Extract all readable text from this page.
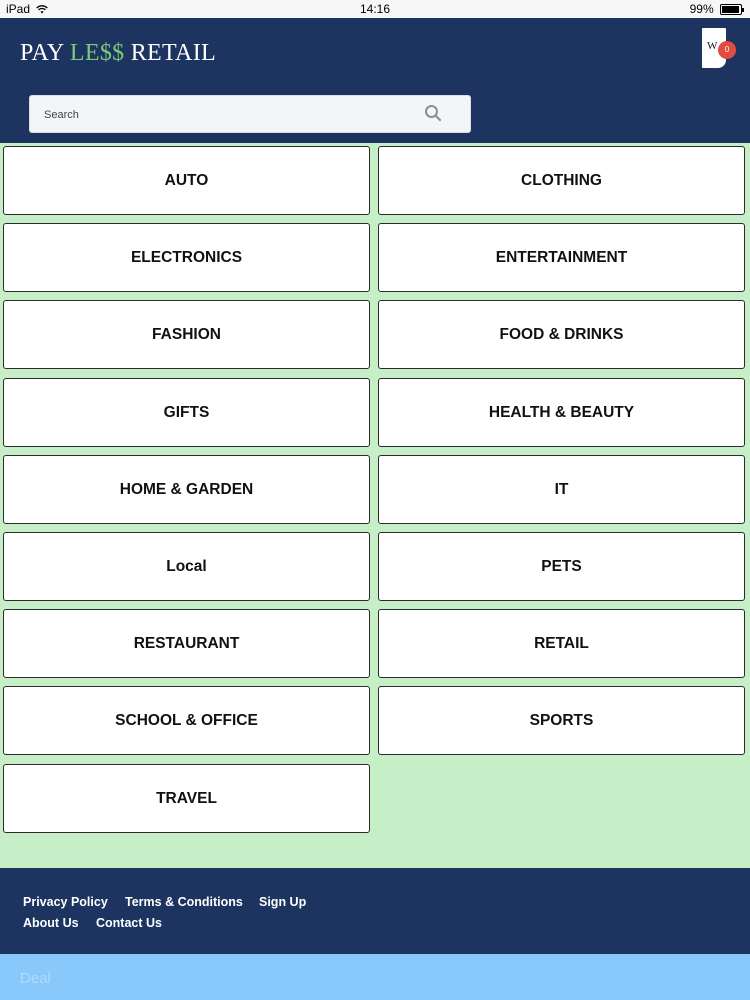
iPad	14:16	99%
PAY LE$$ RETAIL	W 0
Search
AUTO	CLOTHING
ELECTRONICS	ENTERTAINMENT
FASHION	FOOD & DRINKS
GIFTS	HEALTH & BEAUTY
HOME & GARDEN	IT
Local	PETS
RESTAURANT	RETAIL
SCHOOL & OFFICE	SPORTS
TRAVEL
Privacy Policy Terms & Conditions Sign Up
About Us Contact Us
Deal
